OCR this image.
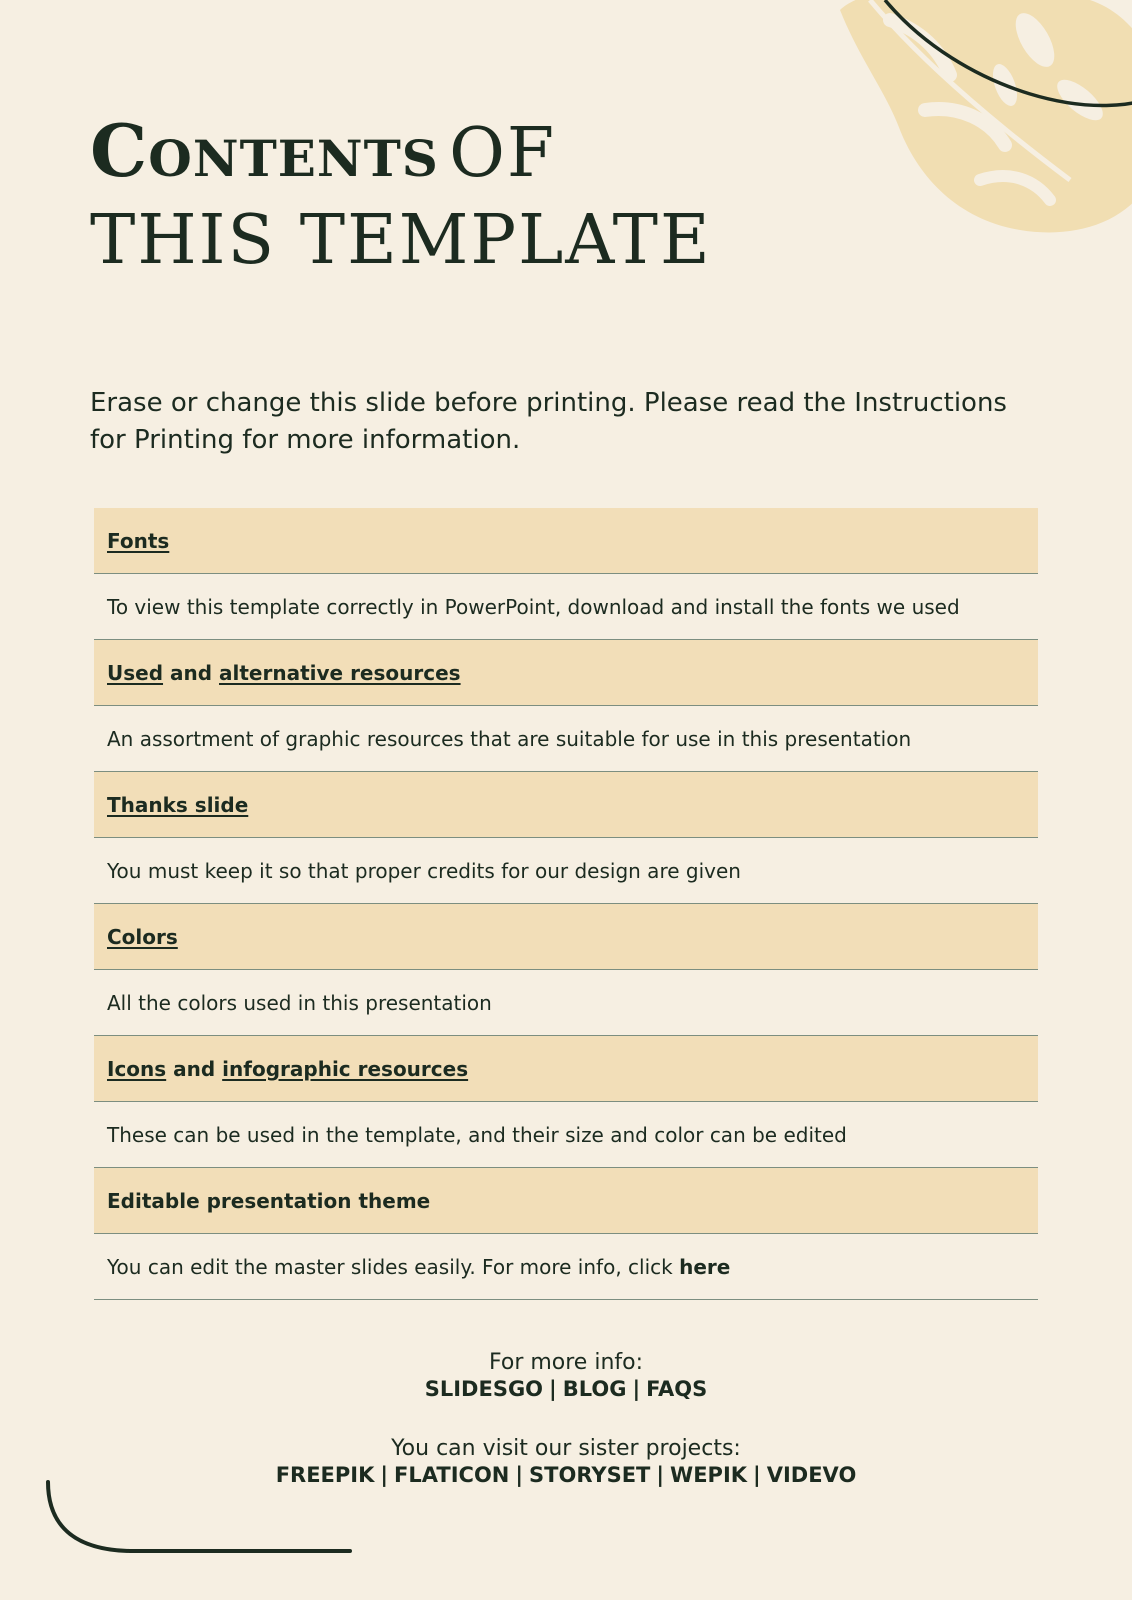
Contents OF
THIS TEMPLATE

Erase or change this slide before printing. Please read the Instructions for Printing for more information.

Fonts
To view this template correctly in PowerPoint, download and install the fonts we used
Used and alternative resources
An assortment of graphic resources that are suitable for use in this presentation
Thanks slide
You must keep it so that proper credits for our design are given
Colors
All the colors used in this presentation
Icons and infographic resources
These can be used in the template, and their size and color can be edited
Editable presentation theme
You can edit the master slides easily. For more info, click here
For more info:
SLIDESGO | BLOG | FAQS
You can visit our sister projects:
FREEPIK | FLATICON | STORYSET | WEPIK | VIDEVO
